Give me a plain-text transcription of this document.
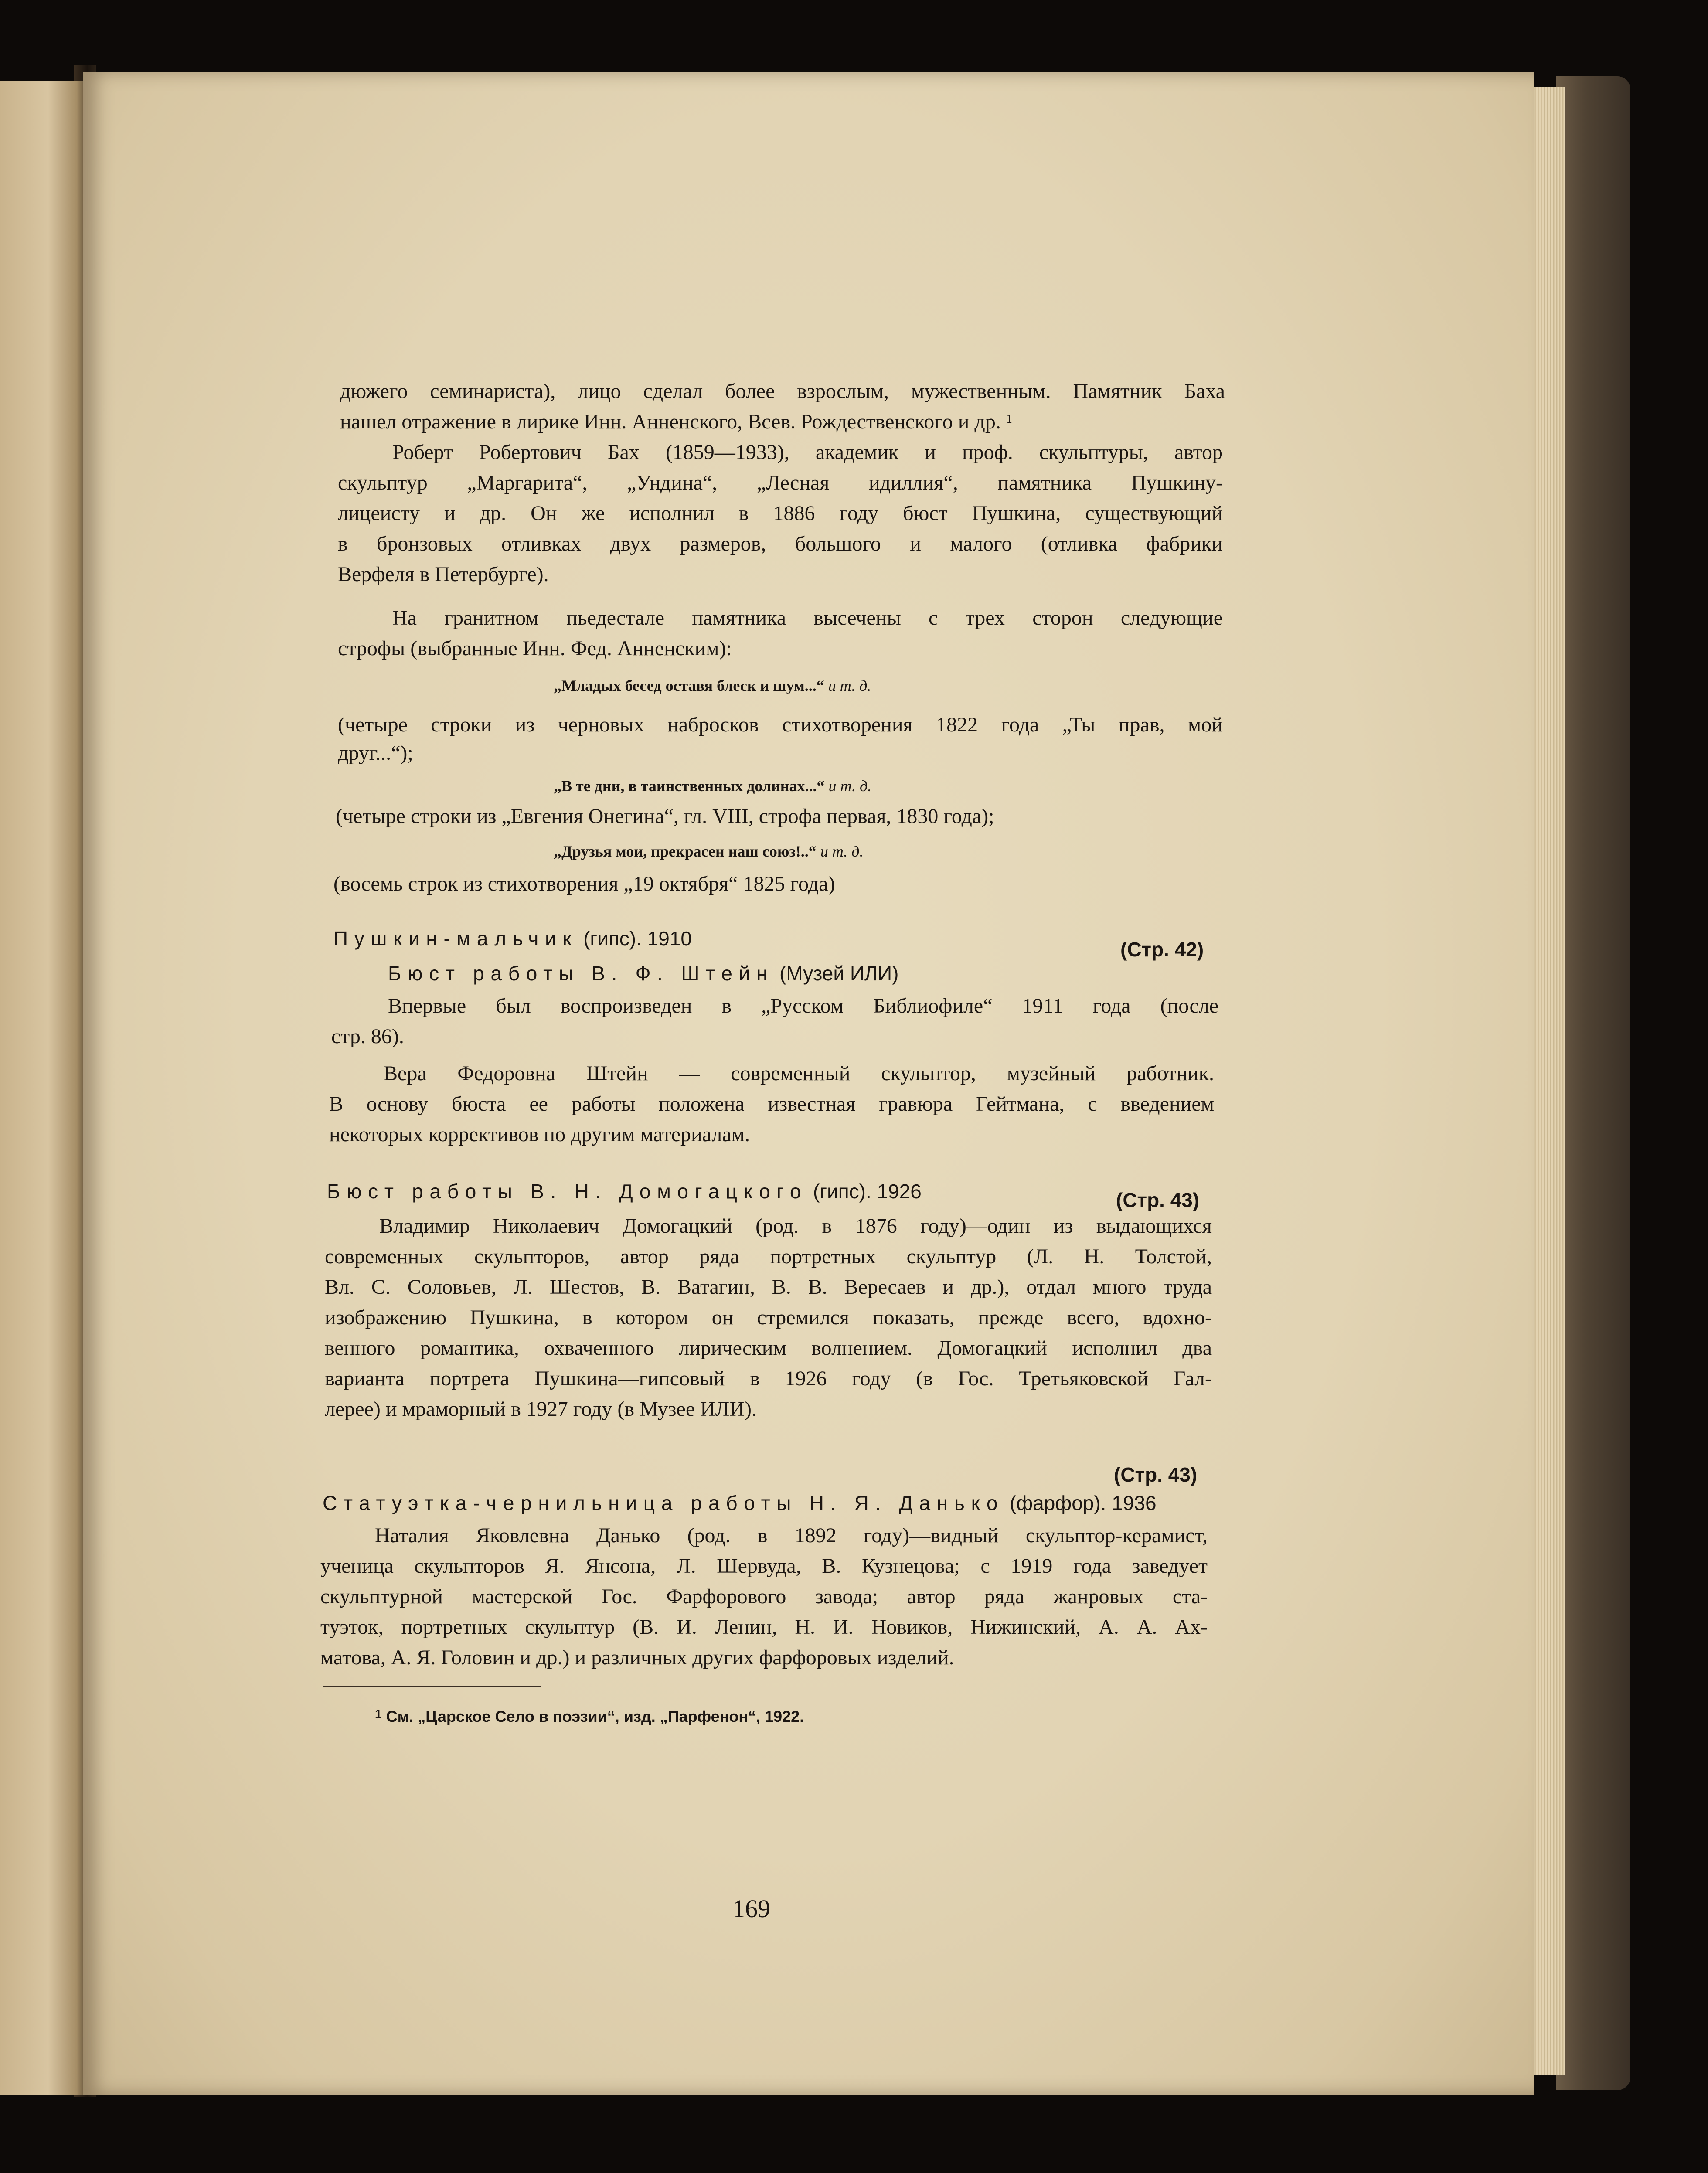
дюжего семинариста), лицо сделал более взрослым, мужественным. Памятник Баха
нашел отражение в лирике Инн. Анненского, Всев. Рождественского и др. $^1$
Роберт Робертович Бах (1859—1933), академик и проф. скульптуры, автор
скульптур „Маргарита“, „Ундина“, „Лесная идиллия“, памятника Пушкину-
лицеисту и др. Он же исполнил в 1886 году бюст Пушкина, существующий
в бронзовых отливках двух размеров, большого и малого (отливка фабрики
Верфеля в Петербурге).
На гранитном пьедестале памятника высечены с трех сторон следующие
строфы (выбранные Инн. Фед. Анненским):
„Младых бесед оставя блеск и шум...“ и т. д.
(четыре строки из черновых набросков стихотворения 1822 года „Ты прав, мой
друг...“);
„В те дни, в таинственных долинах...“ и т. д.
(четыре строки из „Евгения Онегина“, гл. VIII, строфа первая, 1830 года);
„Друзья мои, прекрасен наш союз!..“ и т. д.
(восемь строк из стихотворения „19 октября“ 1825 года)
Пушкин-мальчик (гипс). 1910	(Стр. 42)
Бюст работы В. Ф. Штейн (Музей ИЛИ)
Впервые был воспроизведен в „Русском Библиофиле“ 1911 года (после
стр. 86).
Вера Федоровна Штейн — современный скульптор, музейный работник.
В основу бюста ее работы положена известная гравюра Гейтмана, с введением
некоторых коррективов по другим материалам.
Бюст работы В. Н. Домогацкого (гипс). 1926	(Стр. 43)
Владимир Николаевич Домогацкий (род. в 1876 году)—один из выдающихся
современных скульпторов, автор ряда портретных скульптур (Л. Н. Толстой,
Вл. С. Соловьев, Л. Шестов, В. Ватагин, В. В. Вересаев и др.), отдал много труда
изображению Пушкина, в котором он стремился показать, прежде всего, вдохно-
венного романтика, охваченного лирическим волнением. Домогацкий исполнил два
варианта портрета Пушкина—гипсовый в 1926 году (в Гос. Третьяковской Гал-
лерее) и мраморный в 1927 году (в Музее ИЛИ).
(Стр. 43)
Статуэтка-чернильница работы Н. Я. Данько (фарфор). 1936
Наталия Яковлевна Данько (род. в 1892 году)—видный скульптор-керамист,
ученица скульпторов Я. Янсона, Л. Шервуда, В. Кузнецова; с 1919 года заведует
скульптурной мастерской Гос. Фарфорового завода; автор ряда жанровых ста-
туэток, портретных скульптур (В. И. Ленин, Н. И. Новиков, Нижинский, А. А. Ах-
матова, А. Я. Головин и др.) и различных других фарфоровых изделий.
$^1$ См. „Царское Село в поэзии“, изд. „Парфенон“, 1922.
169
